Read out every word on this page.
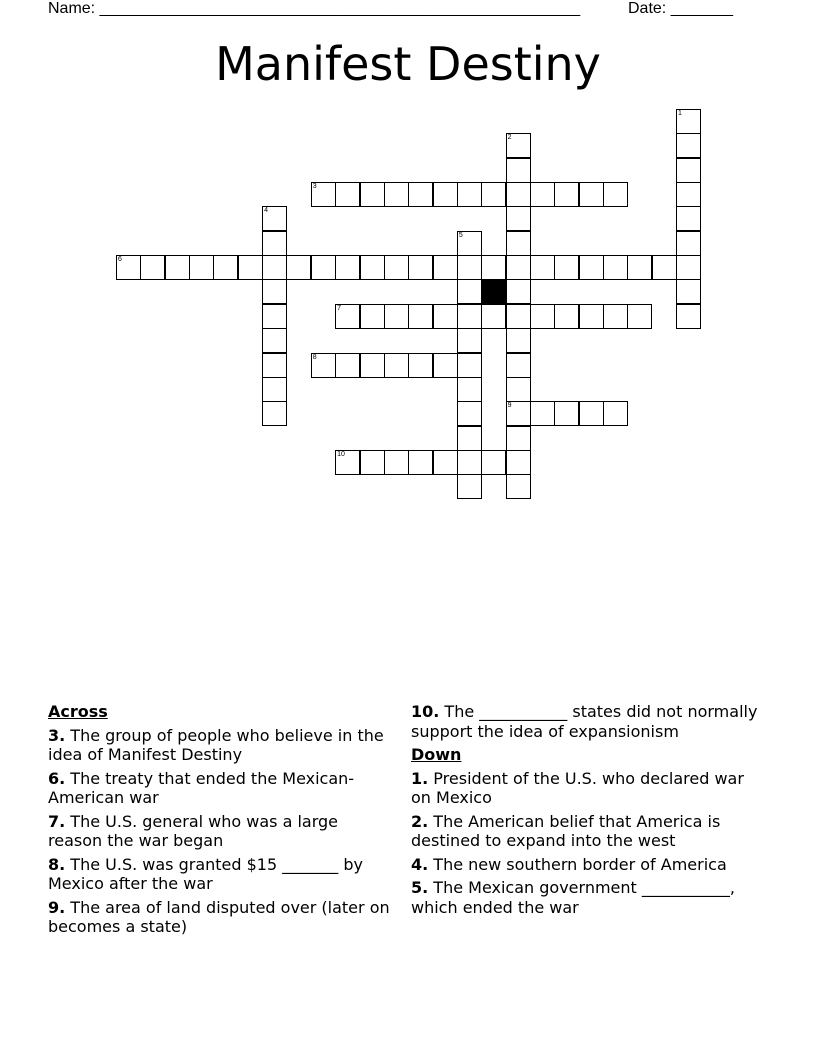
Name: ______________________________________________________	Date: _______
Manifest Destiny
1
2
9
3
4
5
6
7
8
10
Across
3. The group of people who believe in the idea of Manifest Destiny
6. The treaty that ended the Mexican-American war
7. The U.S. general who was a large reason the war began
8. The U.S. was granted $15 _______ by Mexico after the war
9. The area of land disputed over (later on becomes a state)
10. The ___________ states did not normally support the idea of expansionism
Down
1. President of the U.S. who declared war on Mexico
2. The American belief that America is destined to expand into the west
4. The new southern border of America
5. The Mexican government ___________, which ended the war
